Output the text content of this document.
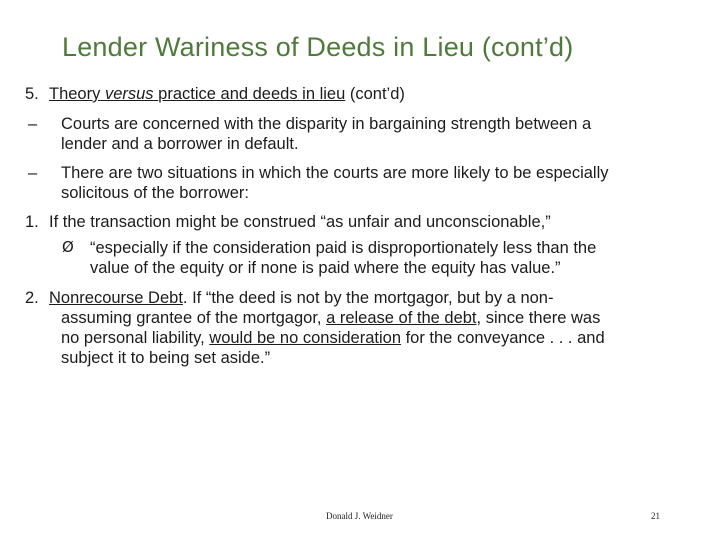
Lender Wariness of Deeds in Lieu (cont’d)
5. Theory versus practice and deeds in lieu (cont’d)
– Courts are concerned with the disparity in bargaining strength between a
lender and a borrower in default.
– There are two situations in which the courts are more likely to be especially
solicitous of the borrower:
1. If the transaction might be construed “as unfair and unconscionable,”
Ø “especially if the consideration paid is disproportionately less than the
value of the equity or if none is paid where the equity has value.”
2. Nonrecourse Debt. If “the deed is not by the mortgagor, but by a non-
assuming grantee of the mortgagor, a release of the debt, since there was
no personal liability, would be no consideration for the conveyance . . . and
subject it to being set aside.”
Donald J. Weidner	21
